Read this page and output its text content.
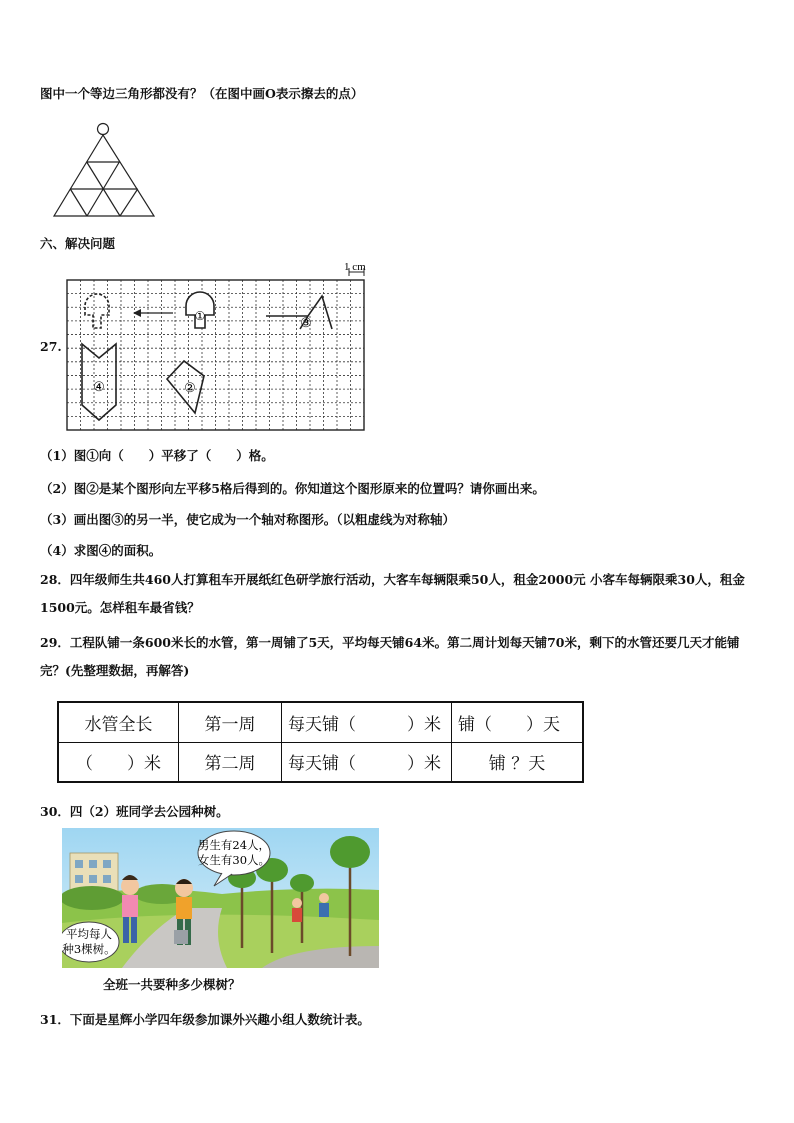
图中一个等边三角形都没有？（在图中画O表示擦去的点）
六、解决问题
27.
1 cm
④	②
①	③
（1）图①向（　　）平移了（　　）格。
（2）图②是某个图形向左平移5格后得到的。你知道这个图形原来的位置吗？请你画出来。
（3）画出图③的另一半，使它成为一个轴对称图形。（以粗虚线为对称轴）
（4）求图④的面积。
28．四年级师生共460人打算租车开展纸红色研学旅行活动，大客车每辆限乘50人，租金2000元 小客车每辆限乘30人，租金1500元。怎样租车最省钱？
29．工程队铺一条600米长的水管，第一周铺了5天，平均每天铺64米。第二周计划每天铺70米，剩下的水管还要几天才能铺完？(先整理数据，再解答)
水管全长	第一周	每天铺（　　　）米	铺（　　）天
（　　）米	第二周	每天铺（　　　）米	铺 ？天
30．四（2）班同学去公园种树。
男生有24人，
女生有30人。
平均每人
种3棵树。
全班一共要种多少棵树？
31．下面是星辉小学四年级参加课外兴趣小组人数统计表。
